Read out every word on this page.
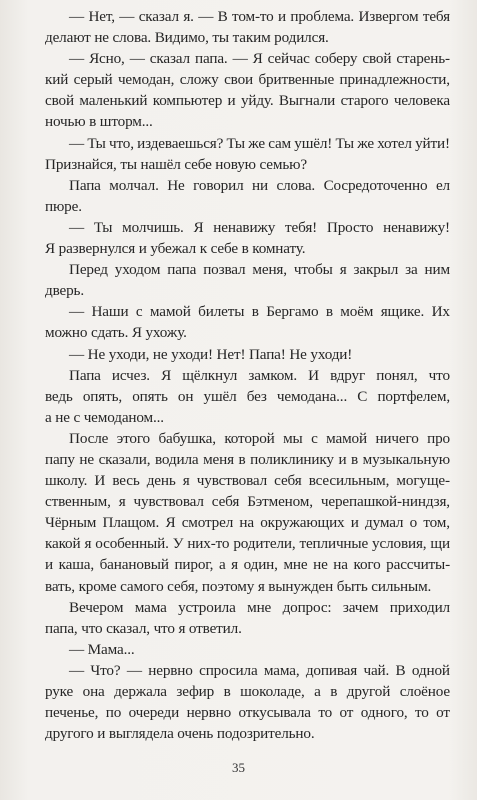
— Нет, — сказал я. — В том-то и проблема. Извергом тебя
делают не слова. Видимо, ты таким родился.
— Ясно, — сказал папа. — Я сейчас соберу свой старень-
кий серый чемодан, сложу свои бритвенные принадлежности,
свой маленький компьютер и уйду. Выгнали старого человека
ночью в шторм...
— Ты что, издеваешься? Ты же сам ушёл! Ты же хотел уйти!
Признайся, ты нашёл себе новую семью?
Папа молчал. Не говорил ни слова. Сосредоточенно ел
пюре.
— Ты молчишь. Я ненавижу тебя! Просто ненавижу!
Я развернулся и убежал к себе в комнату.
Перед уходом папа позвал меня, чтобы я закрыл за ним
дверь.
— Наши с мамой билеты в Бергамо в моём ящике. Их
можно сдать. Я ухожу.
— Не уходи, не уходи! Нет! Папа! Не уходи!
Папа исчез. Я щёлкнул замком. И вдруг понял, что
ведь опять, опять он ушёл без чемодана... С портфелем,
а не с чемоданом...
После этого бабушка, которой мы с мамой ничего про
папу не сказали, водила меня в поликлинику и в музыкальную
школу. И весь день я чувствовал себя всесильным, могуще-
ственным, я чувствовал себя Бэтменом, черепашкой-ниндзя,
Чёрным Плащом. Я смотрел на окружающих и думал о том,
какой я особенный. У них-то родители, тепличные условия, щи
и каша, банановый пирог, а я один, мне не на кого рассчиты-
вать, кроме самого себя, поэтому я вынужден быть сильным.
Вечером мама устроила мне допрос: зачем приходил
папа, что сказал, что я ответил.
— Мама...
— Что? — нервно спросила мама, допивая чай. В одной
руке она держала зефир в шоколаде, а в другой слоёное
печенье, по очереди нервно откусывала то от одного, то от
другого и выглядела очень подозрительно.
35
